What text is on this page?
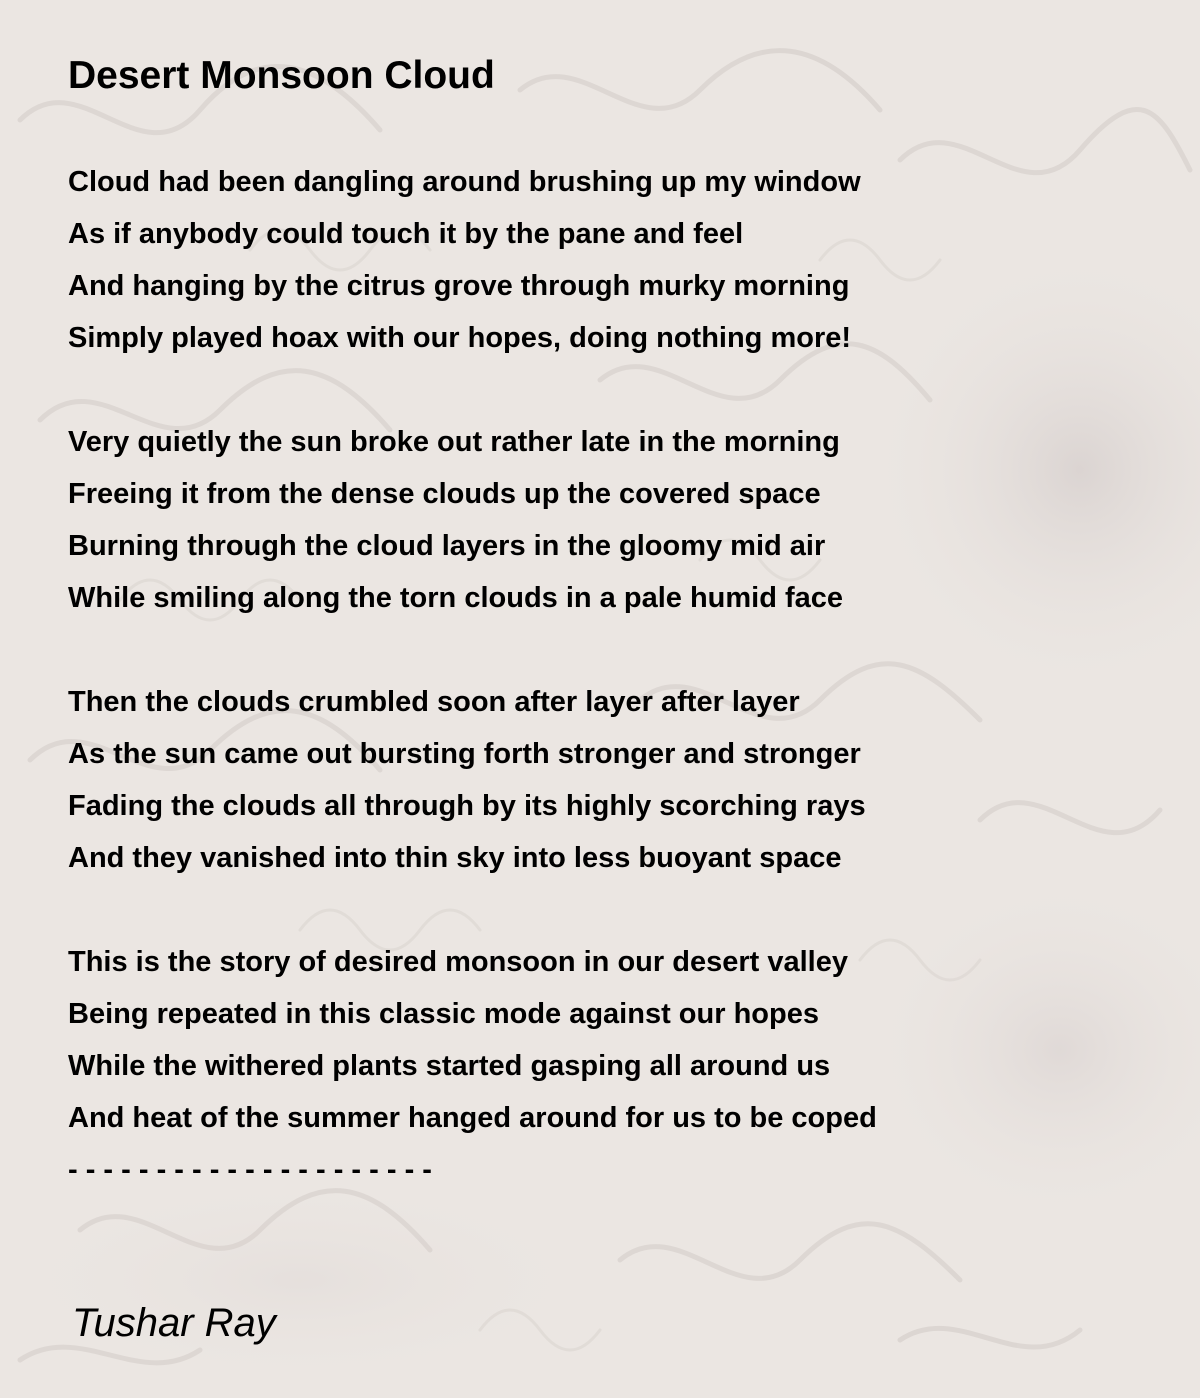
Desert Monsoon Cloud
Cloud had been dangling around brushing up my window
As if anybody could touch it by the pane and feel
And hanging by the citrus grove through murky morning
Simply played hoax with our hopes, doing nothing more!
Very quietly the sun broke out rather late in the morning
Freeing it from the dense clouds up the covered space
Burning through the cloud layers in the gloomy mid air
While smiling along the torn clouds in a pale humid face
Then the clouds crumbled soon after layer after layer
As the sun came out bursting forth stronger and stronger
Fading the clouds all through by its highly scorching rays
And they vanished into thin sky into less buoyant space
This is the story of desired monsoon in our desert valley
Being repeated in this classic mode against our hopes
While the withered plants started gasping all around us
And heat of the summer hanged around for us to be coped
- - - - - - - - - - - - - - - - - - - - -
Tushar Ray
